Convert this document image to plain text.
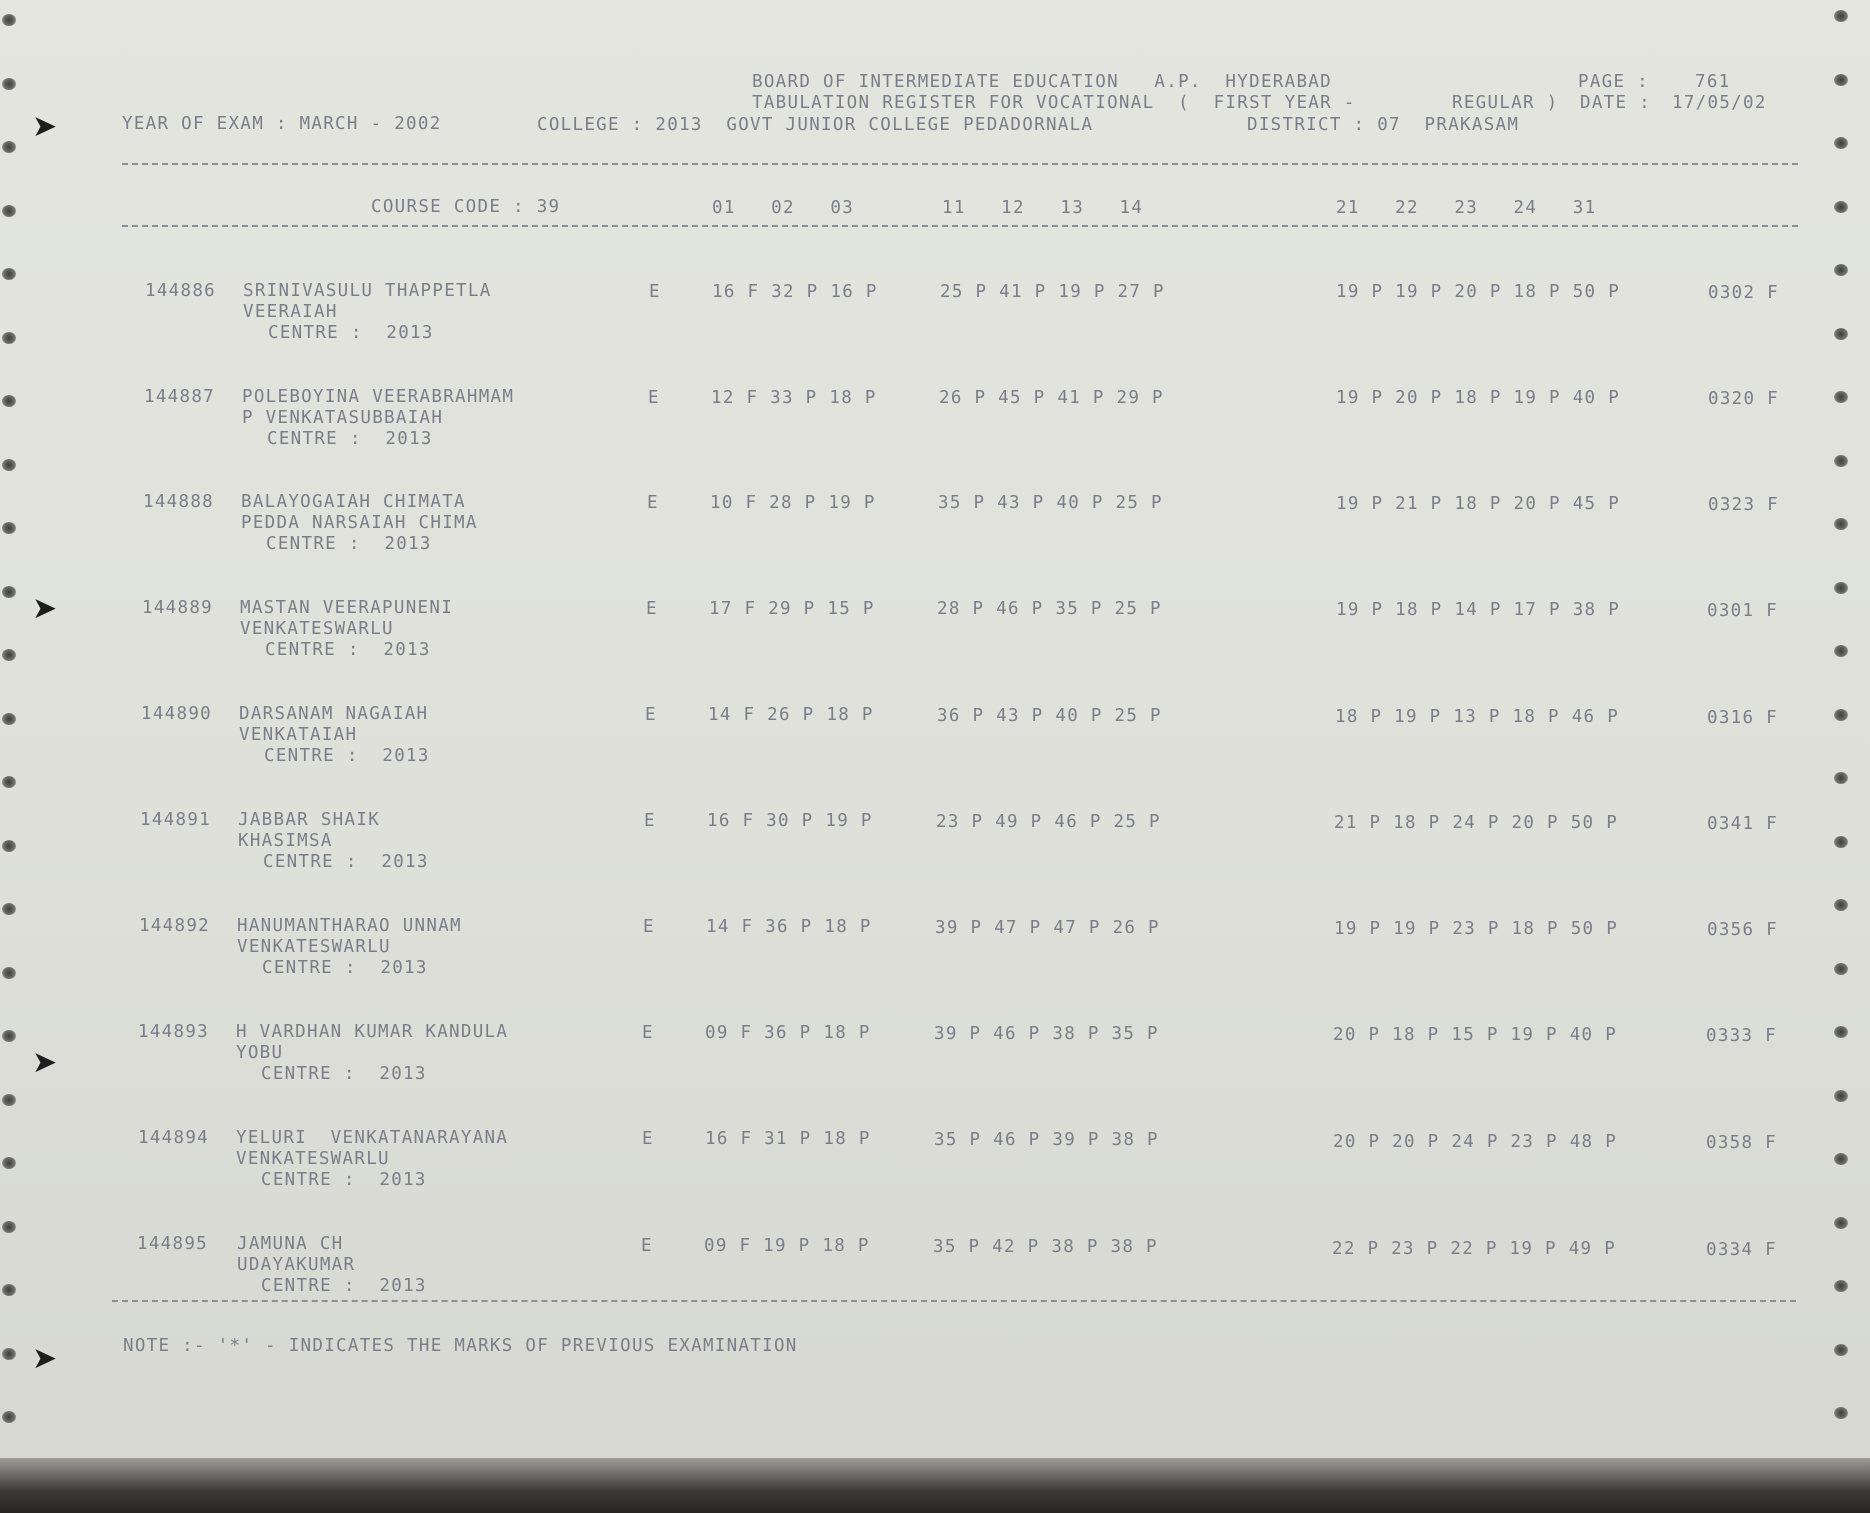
➤
➤
➤
➤
BOARD OF INTERMEDIATE EDUCATION   A.P.  HYDERABAD	PAGE :	761
TABULATION REGISTER FOR VOCATIONAL  (  FIRST YEAR -	REGULAR ) DATE : 17/05/02
YEAR OF EXAM : MARCH - 2002	COLLEGE : 2013  GOVT JUNIOR COLLEGE PEDADORNALA	DISTRICT : 07  PRAKASAM
COURSE CODE : 39	01   02   03	11   12   13   14	21   22   23   24   31
144886 SRINIVASULU THAPPETLA
VEERAIAH
CENTRE :  2013
E	16 F 32 P 16 P	25 P 41 P 19 P 27 P	19 P 19 P 20 P 18 P 50 P	0302 F
144887 POLEBOYINA VEERABRAHMAM
P VENKATASUBBAIAH
CENTRE :  2013
E	12 F 33 P 18 P	26 P 45 P 41 P 29 P	19 P 20 P 18 P 19 P 40 P	0320 F
144888 BALAYOGAIAH CHIMATA
PEDDA NARSAIAH CHIMA
CENTRE :  2013
E	10 F 28 P 19 P	35 P 43 P 40 P 25 P	19 P 21 P 18 P 20 P 45 P	0323 F
144889 MASTAN VEERAPUNENI
VENKATESWARLU
CENTRE :  2013
E	17 F 29 P 15 P	28 P 46 P 35 P 25 P	19 P 18 P 14 P 17 P 38 P	0301 F
144890 DARSANAM NAGAIAH
VENKATAIAH
CENTRE :  2013
E	14 F 26 P 18 P	36 P 43 P 40 P 25 P	18 P 19 P 13 P 18 P 46 P	0316 F
144891 JABBAR SHAIK
KHASIMSA
CENTRE :  2013
E	16 F 30 P 19 P	23 P 49 P 46 P 25 P	21 P 18 P 24 P 20 P 50 P	0341 F
144892 HANUMANTHARAO UNNAM
VENKATESWARLU
CENTRE :  2013
E	14 F 36 P 18 P	39 P 47 P 47 P 26 P	19 P 19 P 23 P 18 P 50 P	0356 F
144893 H VARDHAN KUMAR KANDULA
YOBU
CENTRE :  2013
E	09 F 36 P 18 P	39 P 46 P 38 P 35 P	20 P 18 P 15 P 19 P 40 P	0333 F
144894 YELURI  VENKATANARAYANA
VENKATESWARLU
CENTRE :  2013
E	16 F 31 P 18 P	35 P 46 P 39 P 38 P	20 P 20 P 24 P 23 P 48 P	0358 F
144895 JAMUNA CH
UDAYAKUMAR
CENTRE :  2013
E	09 F 19 P 18 P	35 P 42 P 38 P 38 P	22 P 23 P 22 P 19 P 49 P	0334 F
NOTE :- '*' - INDICATES THE MARKS OF PREVIOUS EXAMINATION
